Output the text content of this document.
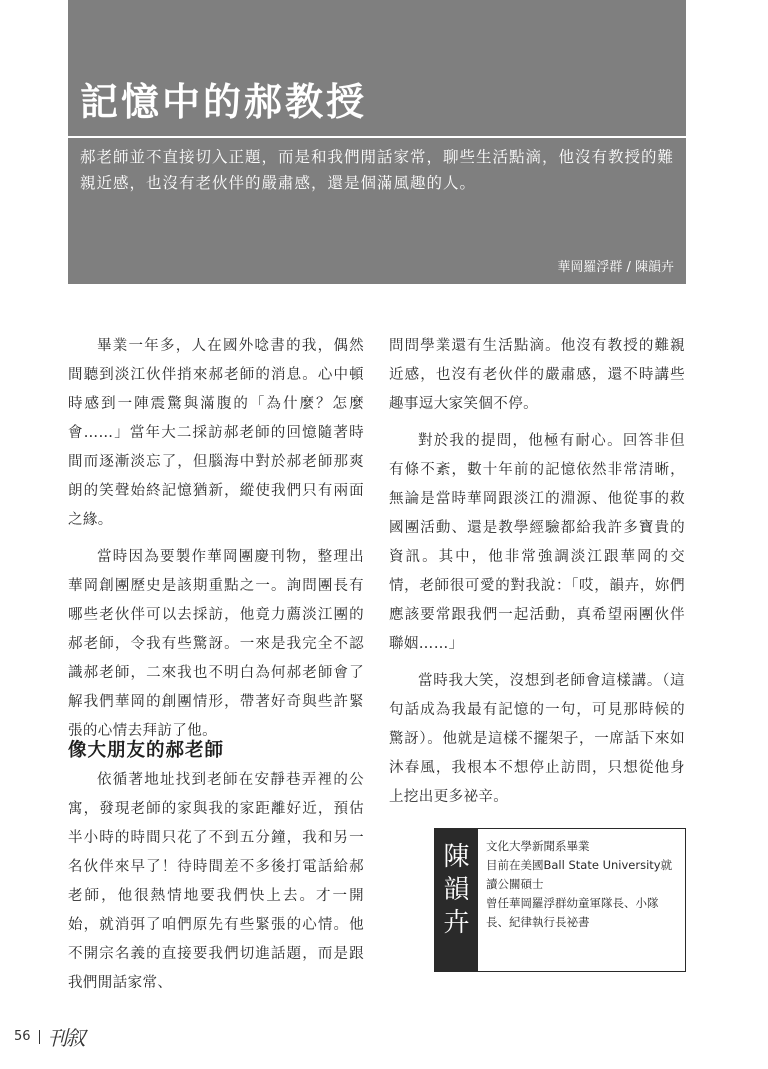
記憶中的郝教授

郝老師並不直接切入正題，而是和我們閒話家常，聊些生活點滴，他沒有教授的難親近感，也沒有老伙伴的嚴肅感，還是個滿風趣的人。

華岡羅浮群 / 陳韻卉

畢業一年多，人在國外唸書的我，偶然間聽到淡江伙伴捎來郝老師的消息。心中頓時感到一陣震驚與滿腹的「為什麼？怎麼會……」當年大二採訪郝老師的回憶隨著時間而逐漸淡忘了，但腦海中對於郝老師那爽朗的笑聲始終記憶猶新，縱使我們只有兩面之緣。

當時因為要製作華岡團慶刊物，整理出華岡創團歷史是該期重點之一。詢問團長有哪些老伙伴可以去採訪，他竟力薦淡江團的郝老師，令我有些驚訝。一來是我完全不認識郝老師，二來我也不明白為何郝老師會了解我們華岡的創團情形，帶著好奇與些許緊張的心情去拜訪了他。

像大朋友的郝老師

依循著地址找到老師在安靜巷弄裡的公寓，發現老師的家與我的家距離好近，預估半小時的時間只花了不到五分鐘，我和另一名伙伴來早了！待時間差不多後打電話給郝老師，他很熱情地要我們快上去。才一開始，就消弭了咱們原先有些緊張的心情。他不開宗名義的直接要我們切進話題，而是跟我們閒話家常、

問問學業還有生活點滴。他沒有教授的難親近感，也沒有老伙伴的嚴肅感，還不時講些趣事逗大家笑個不停。

對於我的提問，他極有耐心。回答非但有條不紊，數十年前的記憶依然非常清晰，無論是當時華岡跟淡江的淵源、他從事的救國團活動、還是教學經驗都給我許多寶貴的資訊。其中，他非常強調淡江跟華岡的交情，老師很可愛的對我說：「哎，韻卉，妳們應該要常跟我們一起活動，真希望兩團伙伴聯姻……」

當時我大笑，沒想到老師會這樣講。（這句話成為我最有記憶的一句，可見那時候的驚訝）。他就是這樣不擺架子，一席話下來如沐春風，我根本不想停止訪問，只想從他身上挖出更多祕辛。

陳
韻
卉
文化大學新聞系畢業
目前在美國Ball State University就讀公關碩士
曾任華岡羅浮群幼童軍隊長、小隊長、紀律執行長祕書
56 刊叙
